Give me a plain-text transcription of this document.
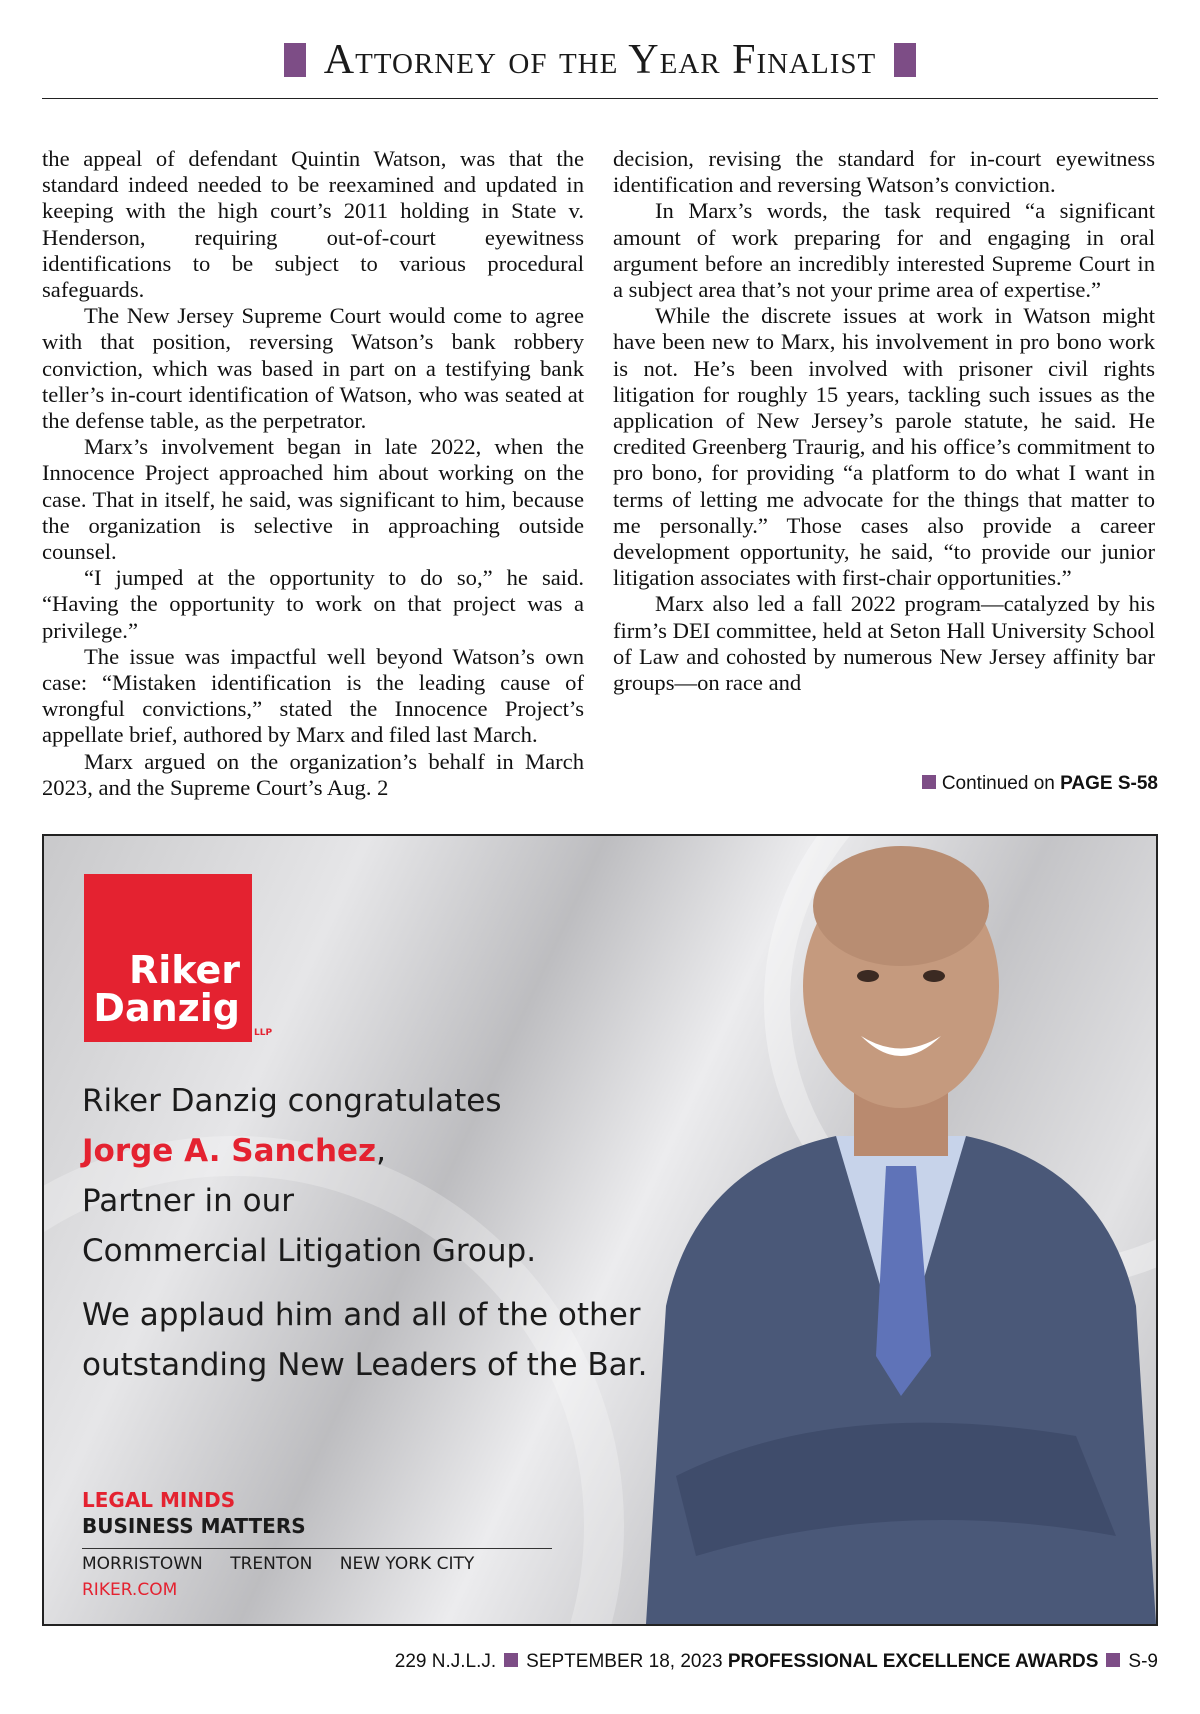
Attorney of the Year Finalist

the appeal of defendant Quintin Watson, was that the standard indeed needed to be reexamined and updated in keeping with the high court’s 2011 holding in State v. Henderson, requiring out-of-court eyewitness identifications to be subject to various procedural safeguards.

The New Jersey Supreme Court would come to agree with that position, reversing Watson’s bank robbery conviction, which was based in part on a testifying bank teller’s in-court identification of Watson, who was seated at the defense table, as the perpetrator.

Marx’s involvement began in late 2022, when the Innocence Project approached him about working on the case. That in itself, he said, was significant to him, because the organization is selective in approaching outside counsel.

“I jumped at the opportunity to do so,” he said. “Having the opportunity to work on that project was a privilege.”

The issue was impactful well beyond Watson’s own case: “Mistaken identification is the leading cause of wrongful convictions,” stated the Innocence Project’s appellate brief, authored by Marx and filed last March.

Marx argued on the organization’s behalf in March 2023, and the Supreme Court’s Aug. 2

decision, revising the standard for in-court eyewitness identification and reversing Watson’s conviction.

In Marx’s words, the task required “a significant amount of work preparing for and engaging in oral argument before an incredibly interested Supreme Court in a subject area that’s not your prime area of expertise.”

While the discrete issues at work in Watson might have been new to Marx, his involvement in pro bono work is not. He’s been involved with prisoner civil rights litigation for roughly 15 years, tackling such issues as the application of New Jersey’s parole statute, he said. He credited Greenberg Traurig, and his office’s commitment to pro bono, for providing “a platform to do what I want in terms of letting me advocate for the things that matter to me personally.” Those cases also provide a career development opportunity, he said, “to provide our junior litigation associates with first-chair opportunities.”

Marx also led a fall 2022 program—catalyzed by his firm’s DEI committee, held at Seton Hall University School of Law and cohosted by numerous New Jersey affinity bar groups—on race and

Continued on PAGE S-58
Riker
Danzig
LLP
Riker Danzig congratulates
Jorge A. Sanchez,
Partner in our
Commercial Litigation Group.
We applaud him and all of the other
outstanding New Leaders of the Bar.
LEGAL MINDS
BUSINESS MATTERS
MORRISTOWN TRENTON NEW YORK CITY
RIKER.COM
229 N.J.L.J. SEPTEMBER 18, 2023 PROFESSIONAL EXCELLENCE AWARDS S-9
